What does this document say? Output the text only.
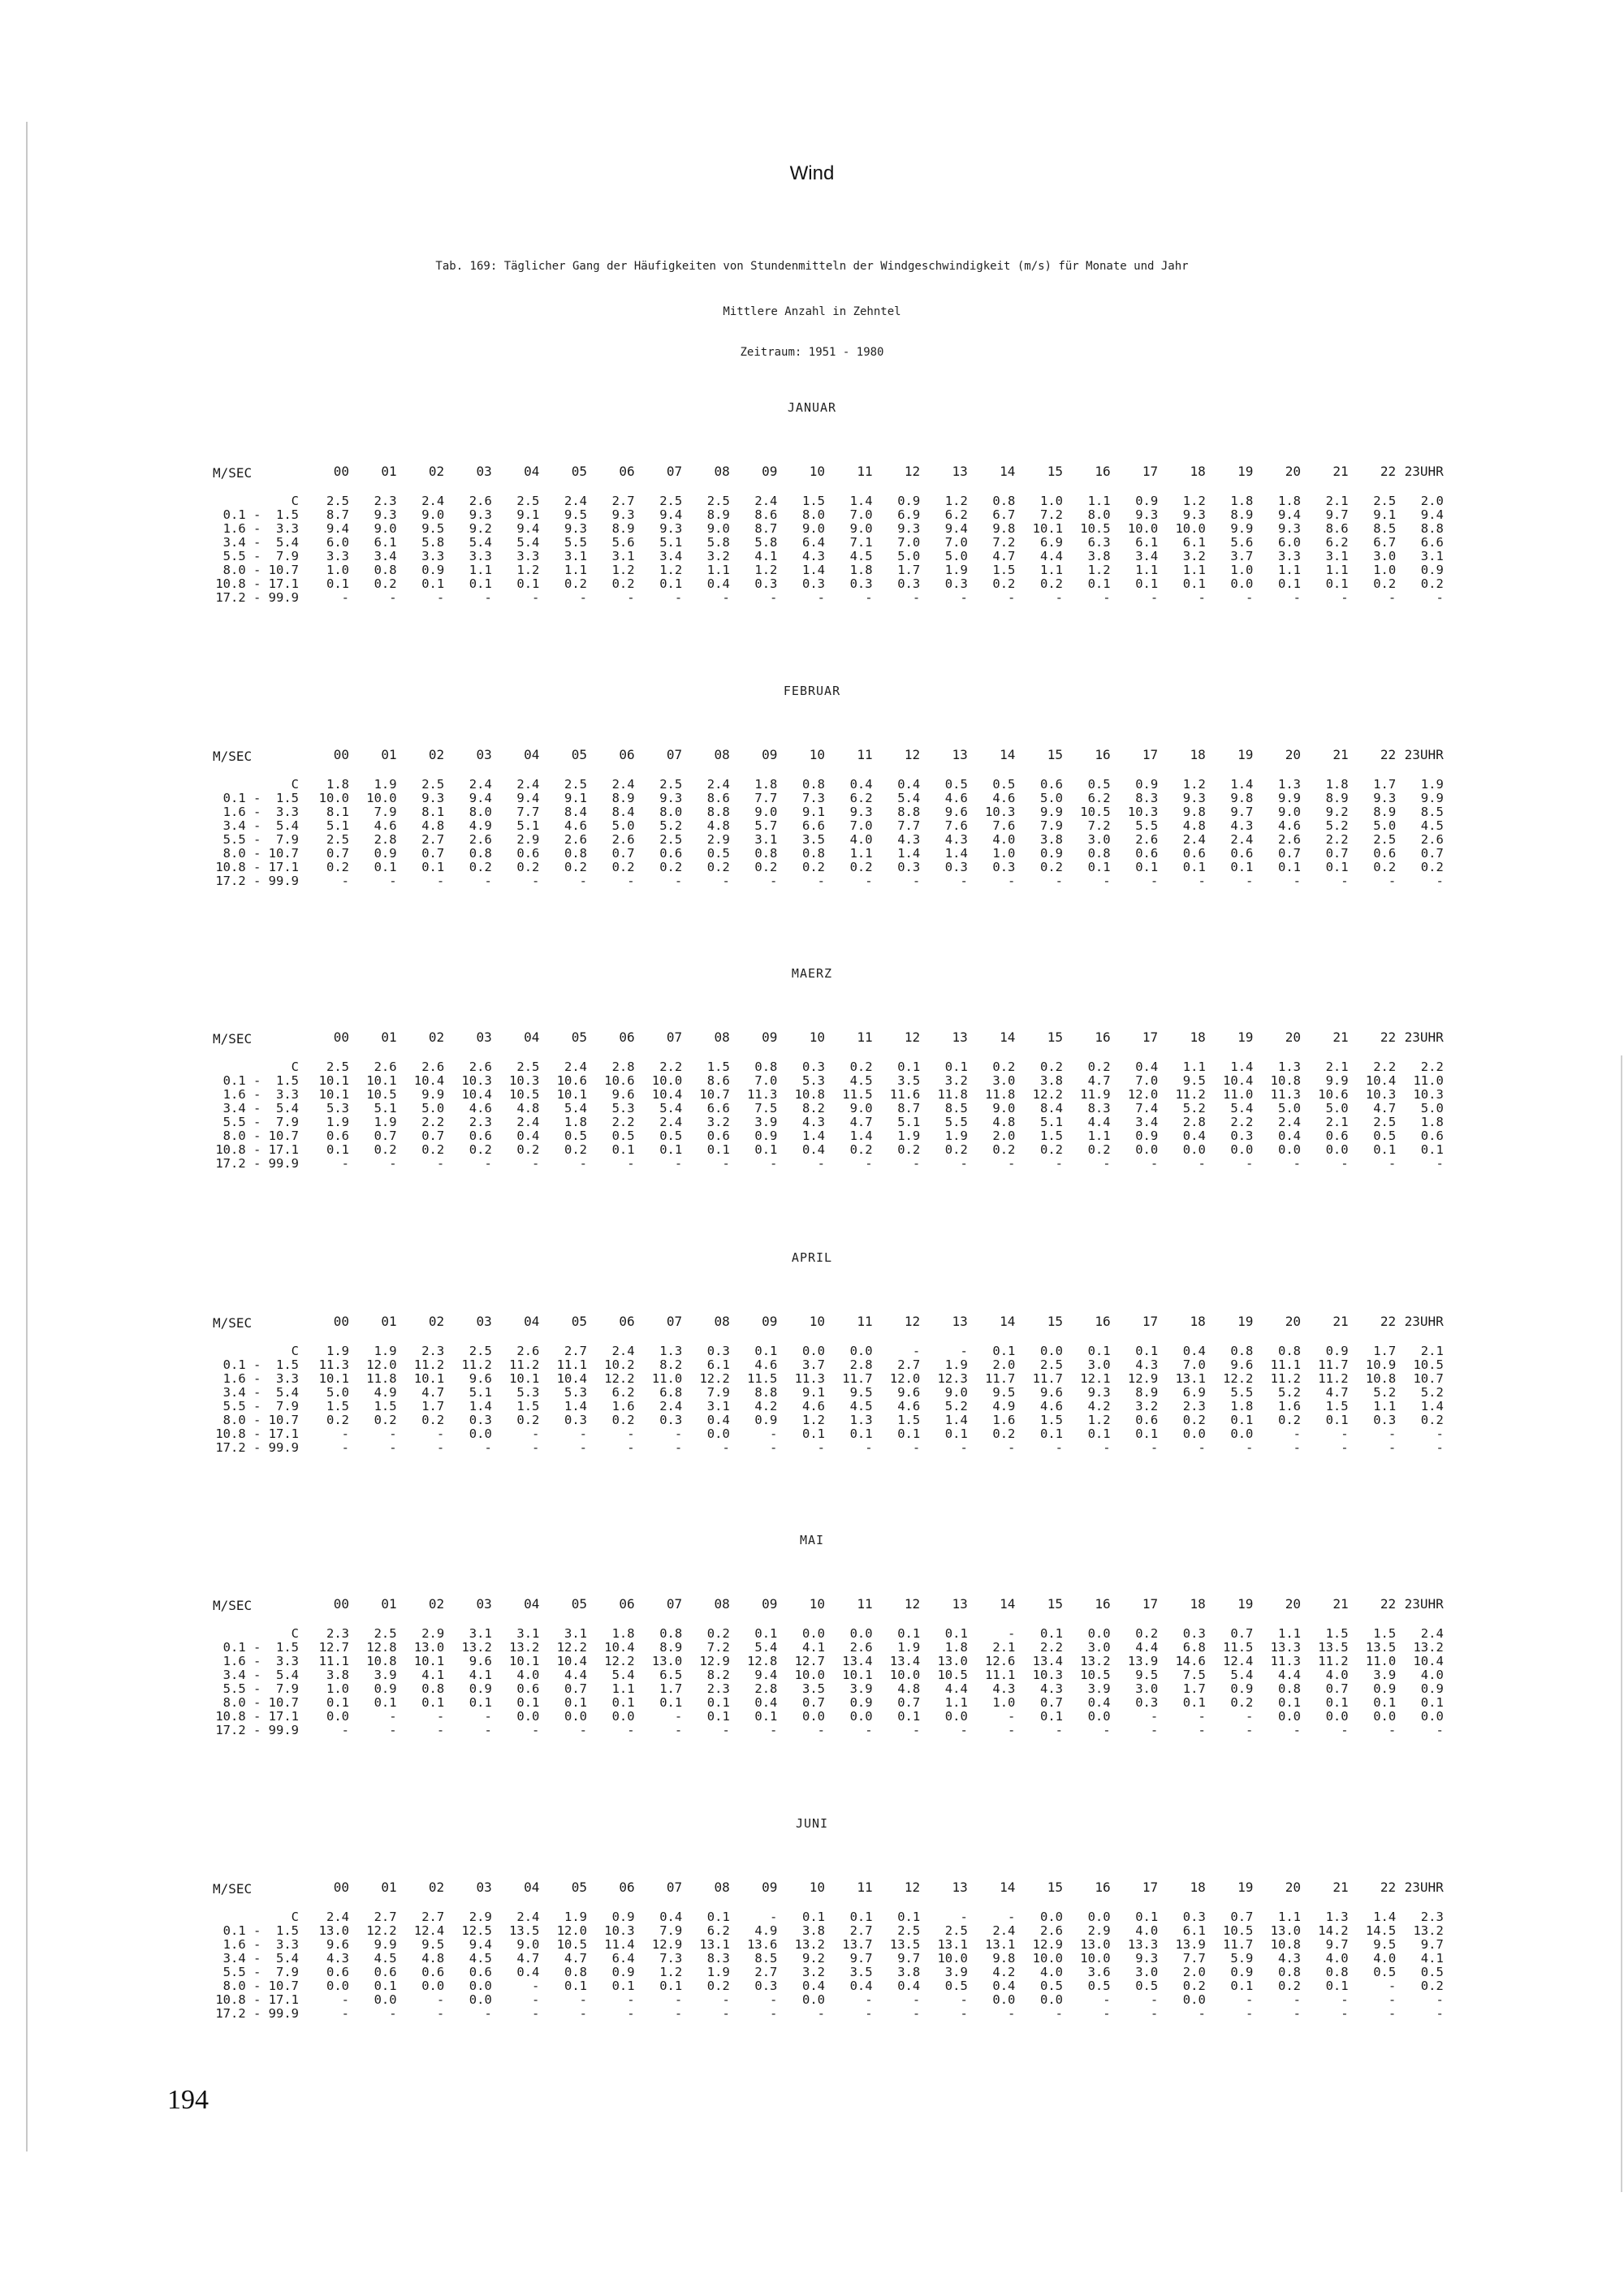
Wind
Tab. 169: Täglicher Gang der Häufigkeiten von Stundenmitteln der Windgeschwindigkeit (m/s) für Monate und Jahr
Mittlere Anzahl in Zehntel
Zeitraum: 1951 - 1980
JANUAR
M/SEC	00	01	02	03	04	05	06	07	08	09	10	11	12	13	14	15	16	17	18	19	20	21	22 23UHR
C	2.5	2.3	2.4	2.6	2.5	2.4	2.7	2.5	2.5	2.4	1.5	1.4	0.9	1.2	0.8	1.0	1.1	0.9	1.2	1.8	1.8	2.1	2.5	2.0
0.1 -  1.5	8.7	9.3	9.0	9.3	9.1	9.5	9.3	9.4	8.9	8.6	8.0	7.0	6.9	6.2	6.7	7.2	8.0	9.3	9.3	8.9	9.4	9.7	9.1	9.4
1.6 -  3.3	9.4	9.0	9.5	9.2	9.4	9.3	8.9	9.3	9.0	8.7	9.0	9.0	9.3	9.4	9.8	10.1	10.5	10.0	10.0	9.9	9.3	8.6	8.5	8.8
3.4 -  5.4	6.0	6.1	5.8	5.4	5.4	5.5	5.6	5.1	5.8	5.8	6.4	7.1	7.0	7.0	7.2	6.9	6.3	6.1	6.1	5.6	6.0	6.2	6.7	6.6
5.5 -  7.9	3.3	3.4	3.3	3.3	3.3	3.1	3.1	3.4	3.2	4.1	4.3	4.5	5.0	5.0	4.7	4.4	3.8	3.4	3.2	3.7	3.3	3.1	3.0	3.1
8.0 - 10.7	1.0	0.8	0.9	1.1	1.2	1.1	1.2	1.2	1.1	1.2	1.4	1.8	1.7	1.9	1.5	1.1	1.2	1.1	1.1	1.0	1.1	1.1	1.0	0.9
10.8 - 17.1	0.1	0.2	0.1	0.1	0.1	0.2	0.2	0.1	0.4	0.3	0.3	0.3	0.3	0.3	0.2	0.2	0.1	0.1	0.1	0.0	0.1	0.1	0.2	0.2
17.2 - 99.9	-	-	-	-	-	-	-	-	-	-	-	-	-	-	-	-	-	-	-	-	-	-	-	-
FEBRUAR
M/SEC	00	01	02	03	04	05	06	07	08	09	10	11	12	13	14	15	16	17	18	19	20	21	22 23UHR
C	1.8	1.9	2.5	2.4	2.4	2.5	2.4	2.5	2.4	1.8	0.8	0.4	0.4	0.5	0.5	0.6	0.5	0.9	1.2	1.4	1.3	1.8	1.7	1.9
0.1 -  1.5	10.0	10.0	9.3	9.4	9.4	9.1	8.9	9.3	8.6	7.7	7.3	6.2	5.4	4.6	4.6	5.0	6.2	8.3	9.3	9.8	9.9	8.9	9.3	9.9
1.6 -  3.3	8.1	7.9	8.1	8.0	7.7	8.4	8.4	8.0	8.8	9.0	9.1	9.3	8.8	9.6	10.3	9.9	10.5	10.3	9.8	9.7	9.0	9.2	8.9	8.5
3.4 -  5.4	5.1	4.6	4.8	4.9	5.1	4.6	5.0	5.2	4.8	5.7	6.6	7.0	7.7	7.6	7.6	7.9	7.2	5.5	4.8	4.3	4.6	5.2	5.0	4.5
5.5 -  7.9	2.5	2.8	2.7	2.6	2.9	2.6	2.6	2.5	2.9	3.1	3.5	4.0	4.3	4.3	4.0	3.8	3.0	2.6	2.4	2.4	2.6	2.2	2.5	2.6
8.0 - 10.7	0.7	0.9	0.7	0.8	0.6	0.8	0.7	0.6	0.5	0.8	0.8	1.1	1.4	1.4	1.0	0.9	0.8	0.6	0.6	0.6	0.7	0.7	0.6	0.7
10.8 - 17.1	0.2	0.1	0.1	0.2	0.2	0.2	0.2	0.2	0.2	0.2	0.2	0.2	0.3	0.3	0.3	0.2	0.1	0.1	0.1	0.1	0.1	0.1	0.2	0.2
17.2 - 99.9	-	-	-	-	-	-	-	-	-	-	-	-	-	-	-	-	-	-	-	-	-	-	-	-
MAERZ
M/SEC	00	01	02	03	04	05	06	07	08	09	10	11	12	13	14	15	16	17	18	19	20	21	22 23UHR
C	2.5	2.6	2.6	2.6	2.5	2.4	2.8	2.2	1.5	0.8	0.3	0.2	0.1	0.1	0.2	0.2	0.2	0.4	1.1	1.4	1.3	2.1	2.2	2.2
0.1 -  1.5	10.1	10.1	10.4	10.3	10.3	10.6	10.6	10.0	8.6	7.0	5.3	4.5	3.5	3.2	3.0	3.8	4.7	7.0	9.5	10.4	10.8	9.9	10.4	11.0
1.6 -  3.3	10.1	10.5	9.9	10.4	10.5	10.1	9.6	10.4	10.7	11.3	10.8	11.5	11.6	11.8	11.8	12.2	11.9	12.0	11.2	11.0	11.3	10.6	10.3	10.3
3.4 -  5.4	5.3	5.1	5.0	4.6	4.8	5.4	5.3	5.4	6.6	7.5	8.2	9.0	8.7	8.5	9.0	8.4	8.3	7.4	5.2	5.4	5.0	5.0	4.7	5.0
5.5 -  7.9	1.9	1.9	2.2	2.3	2.4	1.8	2.2	2.4	3.2	3.9	4.3	4.7	5.1	5.5	4.8	5.1	4.4	3.4	2.8	2.2	2.4	2.1	2.5	1.8
8.0 - 10.7	0.6	0.7	0.7	0.6	0.4	0.5	0.5	0.5	0.6	0.9	1.4	1.4	1.9	1.9	2.0	1.5	1.1	0.9	0.4	0.3	0.4	0.6	0.5	0.6
10.8 - 17.1	0.1	0.2	0.2	0.2	0.2	0.2	0.1	0.1	0.1	0.1	0.4	0.2	0.2	0.2	0.2	0.2	0.2	0.0	0.0	0.0	0.0	0.0	0.1	0.1
17.2 - 99.9	-	-	-	-	-	-	-	-	-	-	-	-	-	-	-	-	-	-	-	-	-	-	-	-
APRIL
M/SEC	00	01	02	03	04	05	06	07	08	09	10	11	12	13	14	15	16	17	18	19	20	21	22 23UHR
C	1.9	1.9	2.3	2.5	2.6	2.7	2.4	1.3	0.3	0.1	0.0	0.0	-	-	0.1	0.0	0.1	0.1	0.4	0.8	0.8	0.9	1.7	2.1
0.1 -  1.5	11.3	12.0	11.2	11.2	11.2	11.1	10.2	8.2	6.1	4.6	3.7	2.8	2.7	1.9	2.0	2.5	3.0	4.3	7.0	9.6	11.1	11.7	10.9	10.5
1.6 -  3.3	10.1	11.8	10.1	9.6	10.1	10.4	12.2	11.0	12.2	11.5	11.3	11.7	12.0	12.3	11.7	11.7	12.1	12.9	13.1	12.2	11.2	11.2	10.8	10.7
3.4 -  5.4	5.0	4.9	4.7	5.1	5.3	5.3	6.2	6.8	7.9	8.8	9.1	9.5	9.6	9.0	9.5	9.6	9.3	8.9	6.9	5.5	5.2	4.7	5.2	5.2
5.5 -  7.9	1.5	1.5	1.7	1.4	1.5	1.4	1.6	2.4	3.1	4.2	4.6	4.5	4.6	5.2	4.9	4.6	4.2	3.2	2.3	1.8	1.6	1.5	1.1	1.4
8.0 - 10.7	0.2	0.2	0.2	0.3	0.2	0.3	0.2	0.3	0.4	0.9	1.2	1.3	1.5	1.4	1.6	1.5	1.2	0.6	0.2	0.1	0.2	0.1	0.3	0.2
10.8 - 17.1	-	-	-	0.0	-	-	-	-	0.0	-	0.1	0.1	0.1	0.1	0.2	0.1	0.1	0.1	0.0	0.0	-	-	-	-
17.2 - 99.9	-	-	-	-	-	-	-	-	-	-	-	-	-	-	-	-	-	-	-	-	-	-	-	-
MAI
M/SEC	00	01	02	03	04	05	06	07	08	09	10	11	12	13	14	15	16	17	18	19	20	21	22 23UHR
C	2.3	2.5	2.9	3.1	3.1	3.1	1.8	0.8	0.2	0.1	0.0	0.0	0.1	0.1	-	0.1	0.0	0.2	0.3	0.7	1.1	1.5	1.5	2.4
0.1 -  1.5	12.7	12.8	13.0	13.2	13.2	12.2	10.4	8.9	7.2	5.4	4.1	2.6	1.9	1.8	2.1	2.2	3.0	4.4	6.8	11.5	13.3	13.5	13.5	13.2
1.6 -  3.3	11.1	10.8	10.1	9.6	10.1	10.4	12.2	13.0	12.9	12.8	12.7	13.4	13.4	13.0	12.6	13.4	13.2	13.9	14.6	12.4	11.3	11.2	11.0	10.4
3.4 -  5.4	3.8	3.9	4.1	4.1	4.0	4.4	5.4	6.5	8.2	9.4	10.0	10.1	10.0	10.5	11.1	10.3	10.5	9.5	7.5	5.4	4.4	4.0	3.9	4.0
5.5 -  7.9	1.0	0.9	0.8	0.9	0.6	0.7	1.1	1.7	2.3	2.8	3.5	3.9	4.8	4.4	4.3	4.3	3.9	3.0	1.7	0.9	0.8	0.7	0.9	0.9
8.0 - 10.7	0.1	0.1	0.1	0.1	0.1	0.1	0.1	0.1	0.1	0.4	0.7	0.9	0.7	1.1	1.0	0.7	0.4	0.3	0.1	0.2	0.1	0.1	0.1	0.1
10.8 - 17.1	0.0	-	-	-	0.0	0.0	0.0	-	0.1	0.1	0.0	0.0	0.1	0.0	-	0.1	0.0	-	-	-	0.0	0.0	0.0	0.0
17.2 - 99.9	-	-	-	-	-	-	-	-	-	-	-	-	-	-	-	-	-	-	-	-	-	-	-	-
JUNI
M/SEC	00	01	02	03	04	05	06	07	08	09	10	11	12	13	14	15	16	17	18	19	20	21	22 23UHR
C	2.4	2.7	2.7	2.9	2.4	1.9	0.9	0.4	0.1	-	0.1	0.1	0.1	-	-	0.0	0.0	0.1	0.3	0.7	1.1	1.3	1.4	2.3
0.1 -  1.5	13.0	12.2	12.4	12.5	13.5	12.0	10.3	7.9	6.2	4.9	3.8	2.7	2.5	2.5	2.4	2.6	2.9	4.0	6.1	10.5	13.0	14.2	14.5	13.2
1.6 -  3.3	9.6	9.9	9.5	9.4	9.0	10.5	11.4	12.9	13.1	13.6	13.2	13.7	13.5	13.1	13.1	12.9	13.0	13.3	13.9	11.7	10.8	9.7	9.5	9.7
3.4 -  5.4	4.3	4.5	4.8	4.5	4.7	4.7	6.4	7.3	8.3	8.5	9.2	9.7	9.7	10.0	9.8	10.0	10.0	9.3	7.7	5.9	4.3	4.0	4.0	4.1
5.5 -  7.9	0.6	0.6	0.6	0.6	0.4	0.8	0.9	1.2	1.9	2.7	3.2	3.5	3.8	3.9	4.2	4.0	3.6	3.0	2.0	0.9	0.8	0.8	0.5	0.5
8.0 - 10.7	0.0	0.1	0.0	0.0	-	0.1	0.1	0.1	0.2	0.3	0.4	0.4	0.4	0.5	0.4	0.5	0.5	0.5	0.2	0.1	0.2	0.1	-	0.2
10.8 - 17.1	-	0.0	-	0.0	-	-	-	-	-	-	0.0	-	-	-	0.0	0.0	-	-	0.0	-	-	-	-	-
17.2 - 99.9	-	-	-	-	-	-	-	-	-	-	-	-	-	-	-	-	-	-	-	-	-	-	-	-
194
